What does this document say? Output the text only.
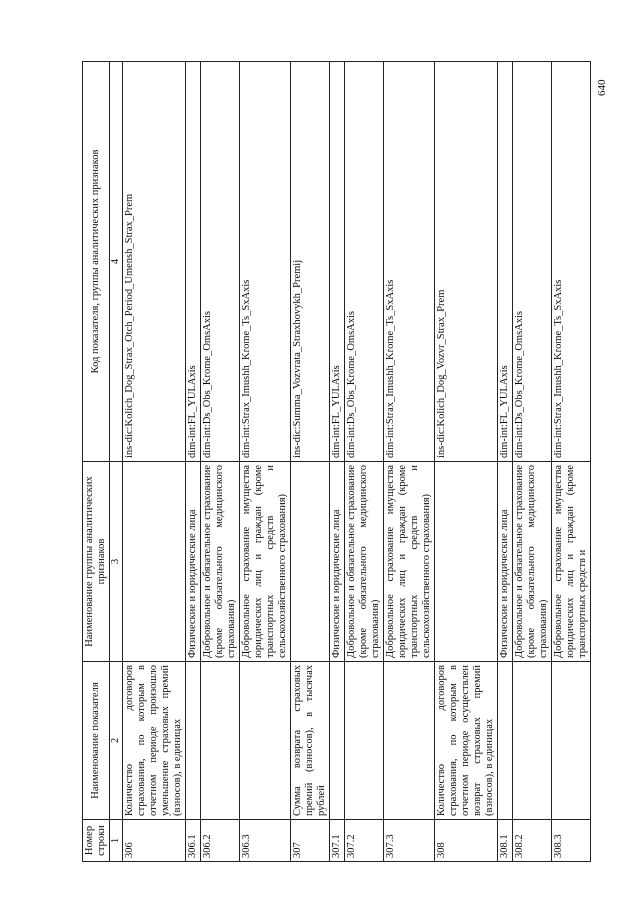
640
Номер строки	Наименование показателя	Наименование группы аналитических признаков	Код показателя, группы аналитических признаков
1	2	3	4
306	Количество договоров страхования, по которым в отчетном периоде произошло уменьшение страховых премий (взносов), в единицах		ins-dic:Kolich_Dog_Strax_Otch_Period_Umensh_Strax_Prem
306.1		Физические и юридические лица	dim-int:FL_YULAxis
306.2		Добровольное и обязательное страхование (кроме обязательного медицинского страхования)	dim-int:Ds_Obs_Krome_OmsAxis
306.3		Добровольное страхование имущества юридических лиц и граждан (кроме транспортных средств и сельскохозяйственного страхования)	dim-int:Strax_Imushh_Krome_Ts_SxAxis
307	Сумма возврата страховых премий (взносов), в тысячах рублей		ins-dic:Summa_Vozvrata_Straxhovykh_Premij
307.1		Физические и юридические лица	dim-int:FL_YULAxis
307.2		Добровольное и обязательное страхование (кроме обязательного медицинского страхования)	dim-int:Ds_Obs_Krome_OmsAxis
307.3		Добровольное страхование имущества юридических лиц и граждан (кроме транспортных средств и сельскохозяйственного страхования)	dim-int:Strax_Imushh_Krome_Ts_SxAxis
308	Количество договоров страхования, по которым в отчетном периоде осуществлен возврат страховых премий (взносов), в единицах		ins-dic:Kolich_Dog_Vozvr_Strax_Prem
308.1		Физические и юридические лица	dim-int:FL_YULAxis
308.2		Добровольное и обязательное страхование (кроме обязательного медицинского страхования)	dim-int:Ds_Obs_Krome_OmsAxis
308.3		Добровольное страхование имущества юридических лиц и граждан (кроме транспортных средств и	dim-int:Strax_Imushh_Krome_Ts_SxAxis
